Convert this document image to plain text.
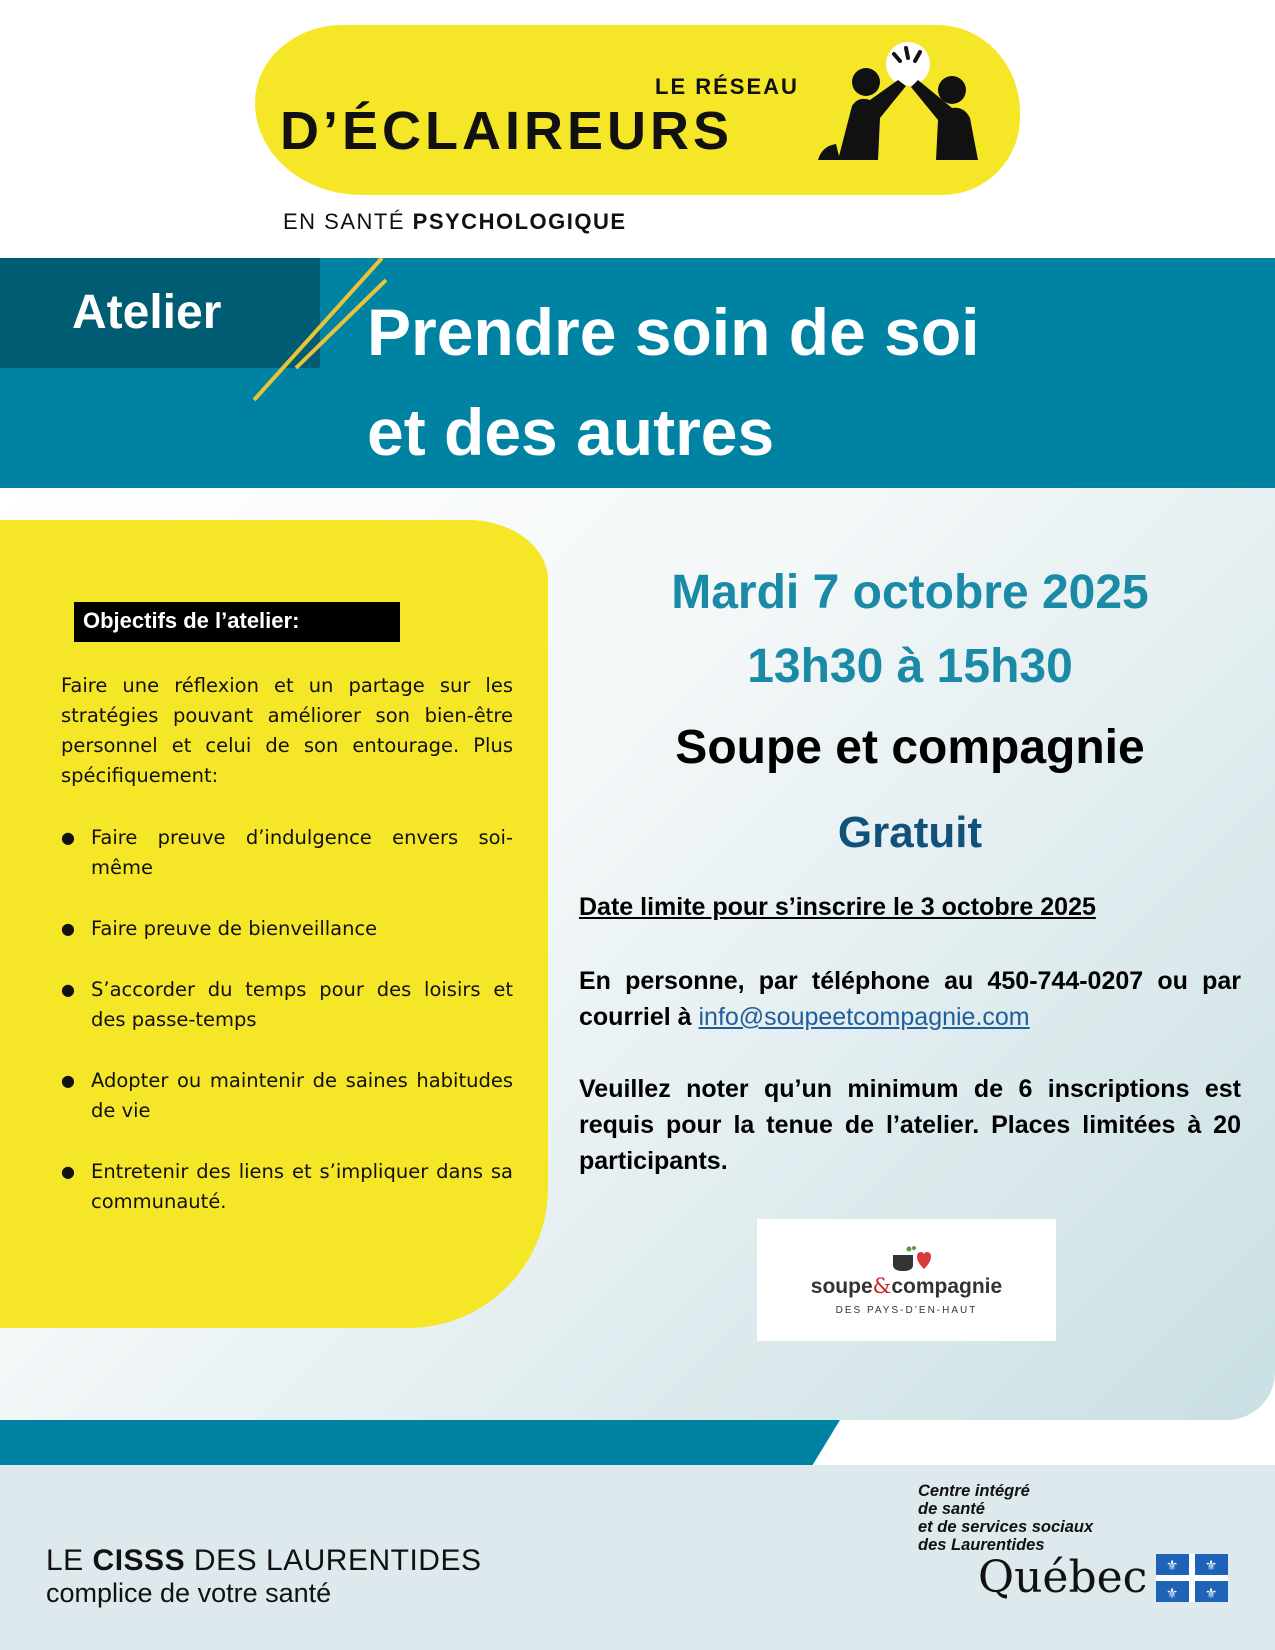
LE RÉSEAU
D’ÉCLAIREURS
EN SANTÉ PSYCHOLOGIQUE
Atelier Prendre soin de soi
et des autres
Objectifs de l’atelier:

Faire une réflexion et un partage sur les stratégies pouvant améliorer son bien-être personnel et celui de son entourage. Plus spécifiquement:

● Faire preuve d’indulgence envers soi-même
● Faire preuve de bienveillance
● S’accorder du temps pour des loisirs et des passe-temps
● Adopter ou maintenir de saines habitudes de vie
● Entretenir des liens et s’impliquer dans sa communauté.
Mardi 7 octobre 2025
13h30 à 15h30
Soupe et compagnie
Gratuit
Date limite pour s’inscrire le 3 octobre 2025

En personne, par téléphone au 450-744-0207 ou par courriel à info@soupeetcompagnie.com

Veuillez noter qu’un minimum de 6 inscriptions est requis pour la tenue de l’atelier. Places limitées à 20 participants.

soupe&compagnie
DES PAYS-D’EN-HAUT
LE CISSS DES LAURENTIDES
complice de votre santé
Centre intégré
de santé
et de services sociaux
des Laurentides
Québec ⚜ ⚜
⚜ ⚜
